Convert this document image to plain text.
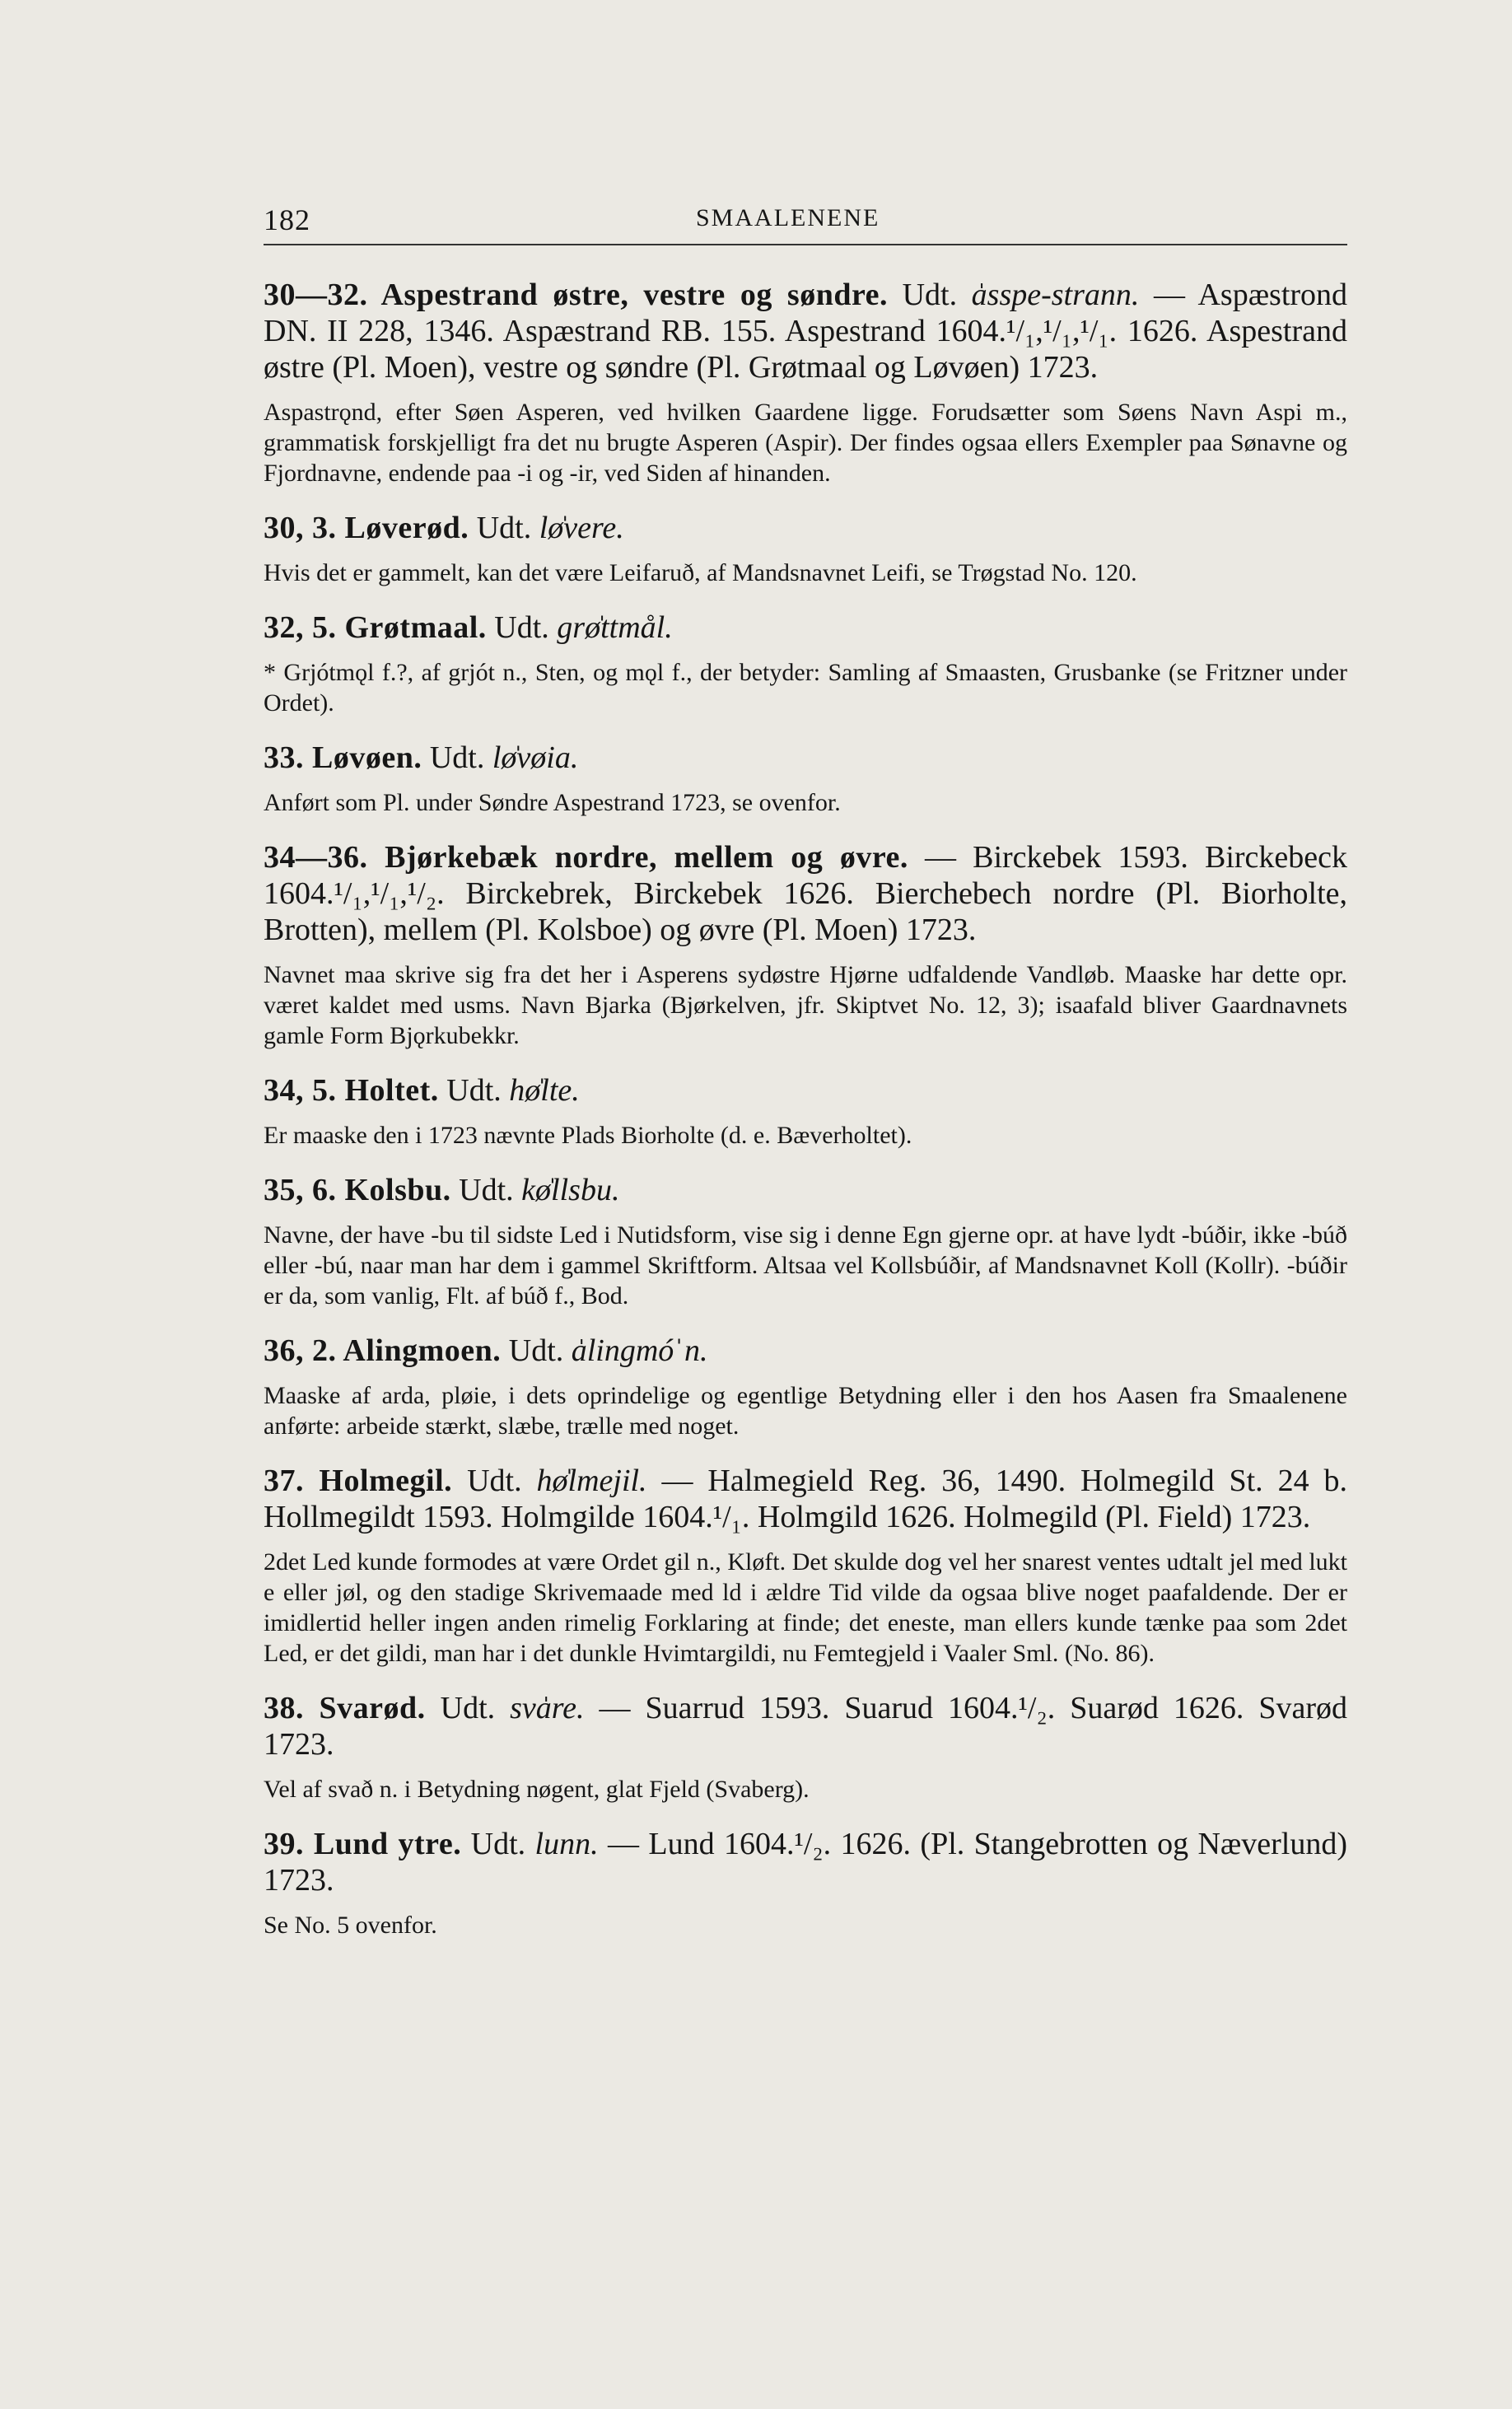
182	SMAALENENE

30—32. Aspestrand østre, vestre og søndre. Udt. a̍sspe-strann. — Aspæstrond DN. II 228, 1346. Aspæstrand RB. 155. Aspestrand 1604.¹/₁,¹/₁,¹/₁. 1626. Aspestrand østre (Pl. Moen), vestre og søndre (Pl. Grøtmaal og Løvøen) 1723.

Aspastrǫnd, efter Søen Asperen, ved hvilken Gaardene ligge. Forudsætter som Søens Navn Aspi m., grammatisk forskjelligt fra det nu brugte Asperen (Aspir). Der findes ogsaa ellers Exempler paa Sønavne og Fjordnavne, endende paa -i og -ir, ved Siden af hinanden.

30, 3. Løverød. Udt. lø̍vere.

Hvis det er gammelt, kan det være Leifaruð, af Mandsnavnet Leifi, se Trøgstad No. 120.

32, 5. Grøtmaal. Udt. grø̍ttmål.

* Grjótmǫl f.?, af grjót n., Sten, og mǫl f., der betyder: Samling af Smaasten, Grusbanke (se Fritzner under Ordet).

33. Løvøen. Udt. lø̍vøia.

Anført som Pl. under Søndre Aspestrand 1723, se ovenfor.

34—36. Bjørkebæk nordre, mellem og øvre. — Birckebek 1593. Birckebeck 1604.¹/₁,¹/₁,¹/₂. Birckebrek, Birckebek 1626. Bierchebech nordre (Pl. Biorholte, Brotten), mellem (Pl. Kolsboe) og øvre (Pl. Moen) 1723.

Navnet maa skrive sig fra det her i Asperens sydøstre Hjørne udfaldende Vandløb. Maaske har dette opr. været kaldet med usms. Navn Bjarka (Bjørkelven, jfr. Skiptvet No. 12, 3); isaafald bliver Gaardnavnets gamle Form Bjǫrkubekkr.

34, 5. Holtet. Udt. hø̍lte.

Er maaske den i 1723 nævnte Plads Biorholte (d. e. Bæverholtet).

35, 6. Kolsbu. Udt. kø̍llsbu.

Navne, der have -bu til sidste Led i Nutidsform, vise sig i denne Egn gjerne opr. at have lydt -búðir, ikke -búð eller -bú, naar man har dem i gammel Skriftform. Altsaa vel Kollsbúðir, af Mandsnavnet Koll (Kollr). -búðir er da, som vanlig, Flt. af búð f., Bod.

36, 2. Alingmoen. Udt. a̍lingmóˈn.

Maaske af arda, pløie, i dets oprindelige og egentlige Betydning eller i den hos Aasen fra Smaalenene anførte: arbeide stærkt, slæbe, trælle med noget.

37. Holmegil. Udt. hø̍lmejil. — Halmegield Reg. 36, 1490. Holmegild St. 24 b. Hollmegildt 1593. Holmgilde 1604.¹/₁. Holmgild 1626. Holmegild (Pl. Field) 1723.

2det Led kunde formodes at være Ordet gil n., Kløft. Det skulde dog vel her snarest ventes udtalt jel med lukt e eller jøl, og den stadige Skrivemaade med ld i ældre Tid vilde da ogsaa blive noget paafaldende. Der er imidlertid heller ingen anden rimelig Forklaring at finde; det eneste, man ellers kunde tænke paa som 2det Led, er det gildi, man har i det dunkle Hvimtargildi, nu Femtegjeld i Vaaler Sml. (No. 86).

38. Svarød. Udt. sva̍re. — Suarrud 1593. Suarud 1604.¹/₂. Suarød 1626. Svarød 1723.

Vel af svað n. i Betydning nøgent, glat Fjeld (Svaberg).

39. Lund ytre. Udt. lunn. — Lund 1604.¹/₂. 1626. (Pl. Stangebrotten og Næverlund) 1723.

Se No. 5 ovenfor.
